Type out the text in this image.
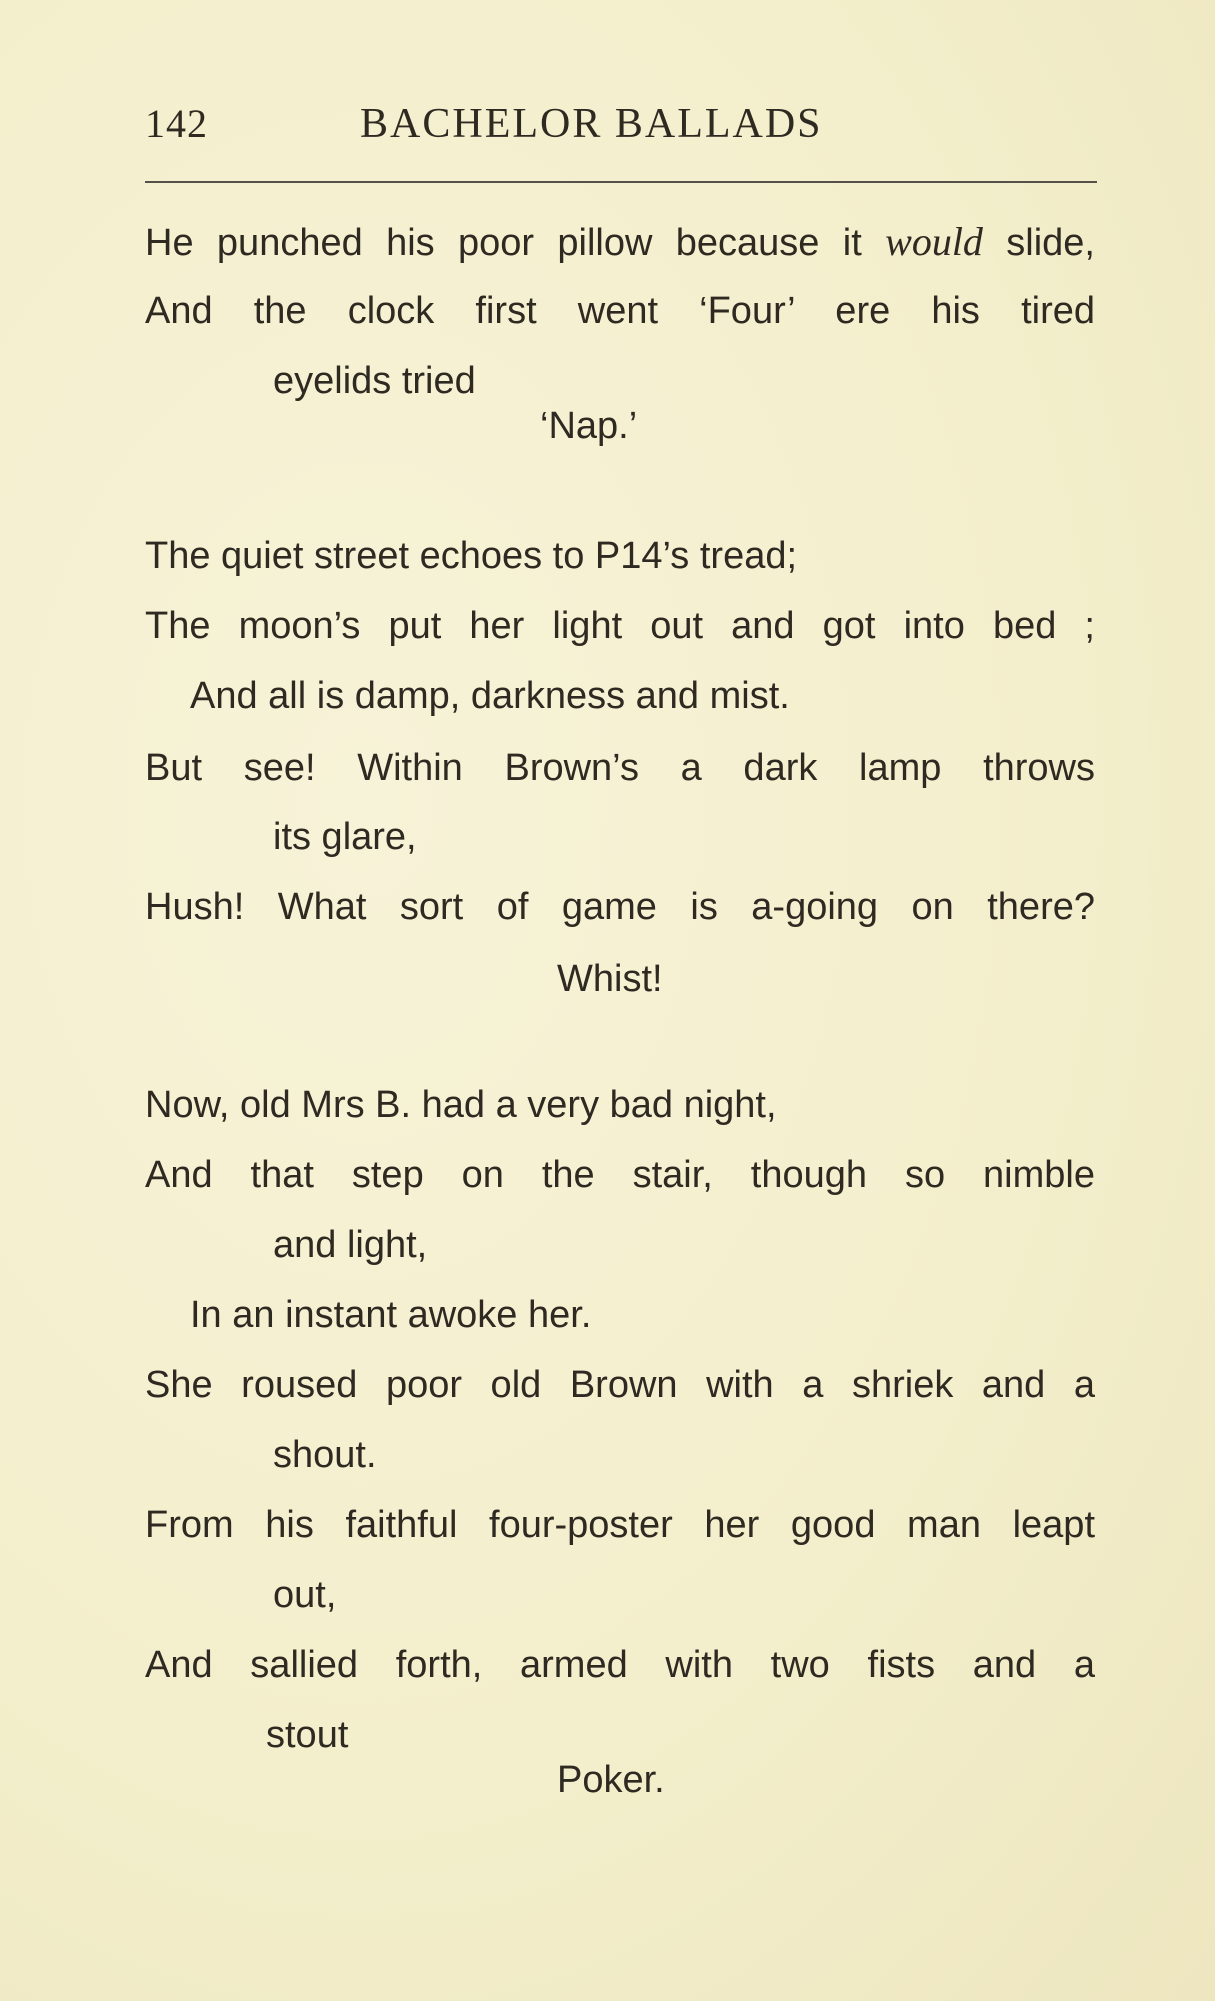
142	BACHELOR BALLADS
He punched his poor pillow because it would slide,
And the clock first went ‘Four’ ere his tired
eyelids tried
‘Nap.’
The quiet street echoes to P14’s tread;
The moon’s put her light out and got into bed ;
And all is damp, darkness and mist.
But see! Within Brown’s a dark lamp throws
its glare,
Hush! What sort of game is a-going on there?
Whist!
Now, old Mrs B. had a very bad night,
And that step on the stair, though so nimble
and light,
In an instant awoke her.
She roused poor old Brown with a shriek and a
shout.
From his faithful four-poster her good man leapt
out,
And sallied forth, armed with two fists and a
stout
Poker.
